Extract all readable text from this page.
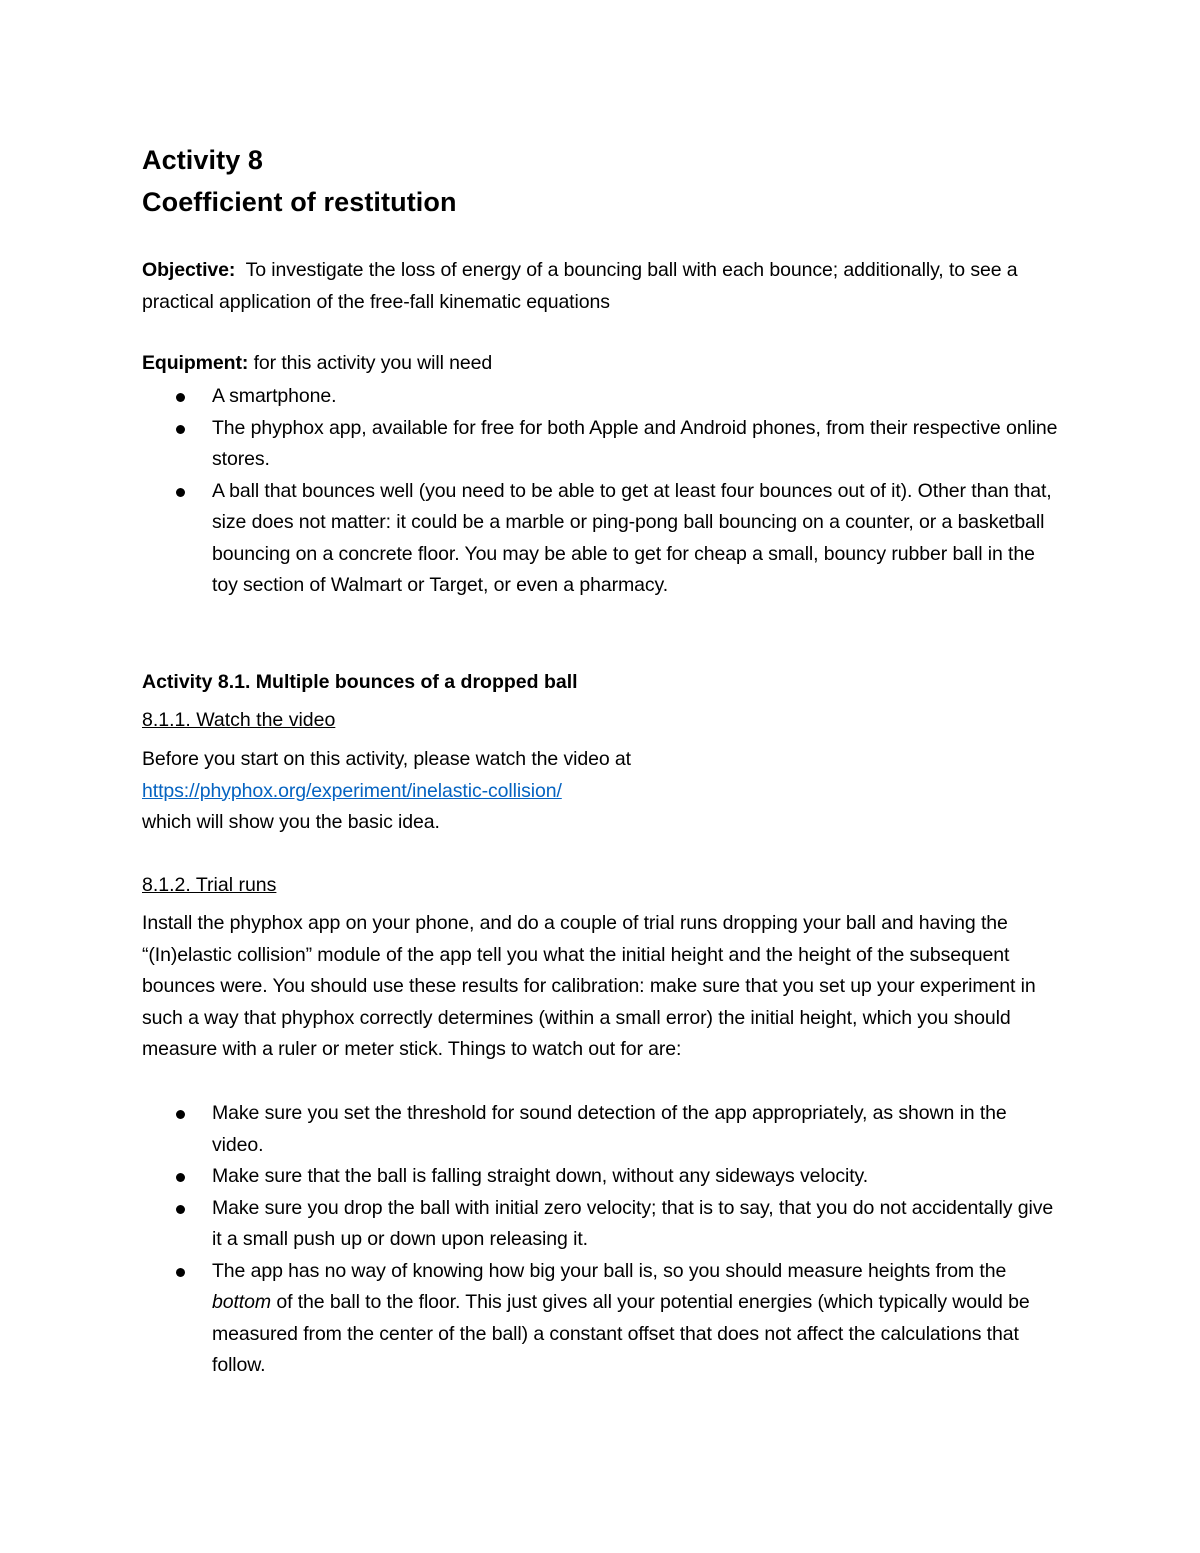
Activity 8
Coefficient of restitution
Objective: To investigate the loss of energy of a bouncing ball with each bounce; additionally, to see a practical application of the free-fall kinematic equations
Equipment: for this activity you will need
A smartphone.
The phyphox app, available for free for both Apple and Android phones, from their respective online stores.
A ball that bounces well (you need to be able to get at least four bounces out of it). Other than that, size does not matter: it could be a marble or ping-pong ball bouncing on a counter, or a basketball bouncing on a concrete floor. You may be able to get for cheap a small, bouncy rubber ball in the toy section of Walmart or Target, or even a pharmacy.
Activity 8.1. Multiple bounces of a dropped ball
8.1.1. Watch the video
Before you start on this activity, please watch the video at
https://phyphox.org/experiment/inelastic-collision/
which will show you the basic idea.
8.1.2. Trial runs
Install the phyphox app on your phone, and do a couple of trial runs dropping your ball and having the “(In)elastic collision” module of the app tell you what the initial height and the height of the subsequent bounces were. You should use these results for calibration: make sure that you set up your experiment in such a way that phyphox correctly determines (within a small error) the initial height, which you should measure with a ruler or meter stick. Things to watch out for are:
Make sure you set the threshold for sound detection of the app appropriately, as shown in the video.
Make sure that the ball is falling straight down, without any sideways velocity.
Make sure you drop the ball with initial zero velocity; that is to say, that you do not accidentally give it a small push up or down upon releasing it.
The app has no way of knowing how big your ball is, so you should measure heights from the bottom of the ball to the floor. This just gives all your potential energies (which typically would be measured from the center of the ball) a constant offset that does not affect the calculations that follow.
